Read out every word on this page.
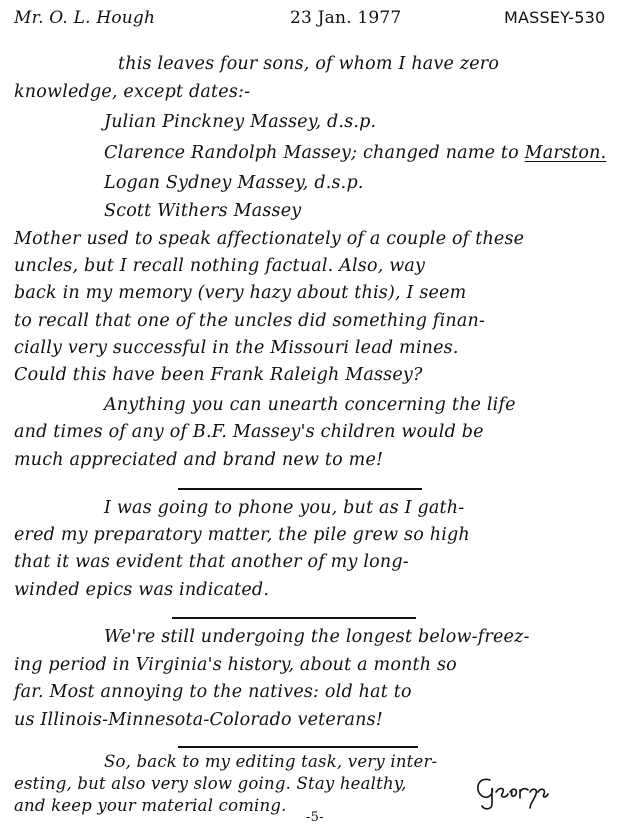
Mr. O. L. Hough	23 Jan. 1977	MASSEY-530
this leaves four sons, of whom I have zero
knowledge, except dates:-
Julian Pinckney Massey, d.s.p.
Clarence Randolph Massey; changed name to Marston.
Logan Sydney Massey, d.s.p.
Scott Withers Massey
Mother used to speak affectionately of a couple of these
uncles, but I recall nothing factual. Also, way
back in my memory (very hazy about this), I seem
to recall that one of the uncles did something finan-
cially very successful in the Missouri lead mines.
Could this have been Frank Raleigh Massey?
Anything you can unearth concerning the life
and times of any of B.F. Massey's children would be
much appreciated and brand new to me!
I was going to phone you, but as I gath-
ered my preparatory matter, the pile grew so high
that it was evident that another of my long-
winded epics was indicated.
We're still undergoing the longest below-freez-
ing period in Virginia's history, about a month so
far. Most annoying to the natives: old hat to
us Illinois-Minnesota-Colorado veterans!
So, back to my editing task, very inter-
esting, but also very slow going. Stay healthy,
and keep your material coming.
-5-
